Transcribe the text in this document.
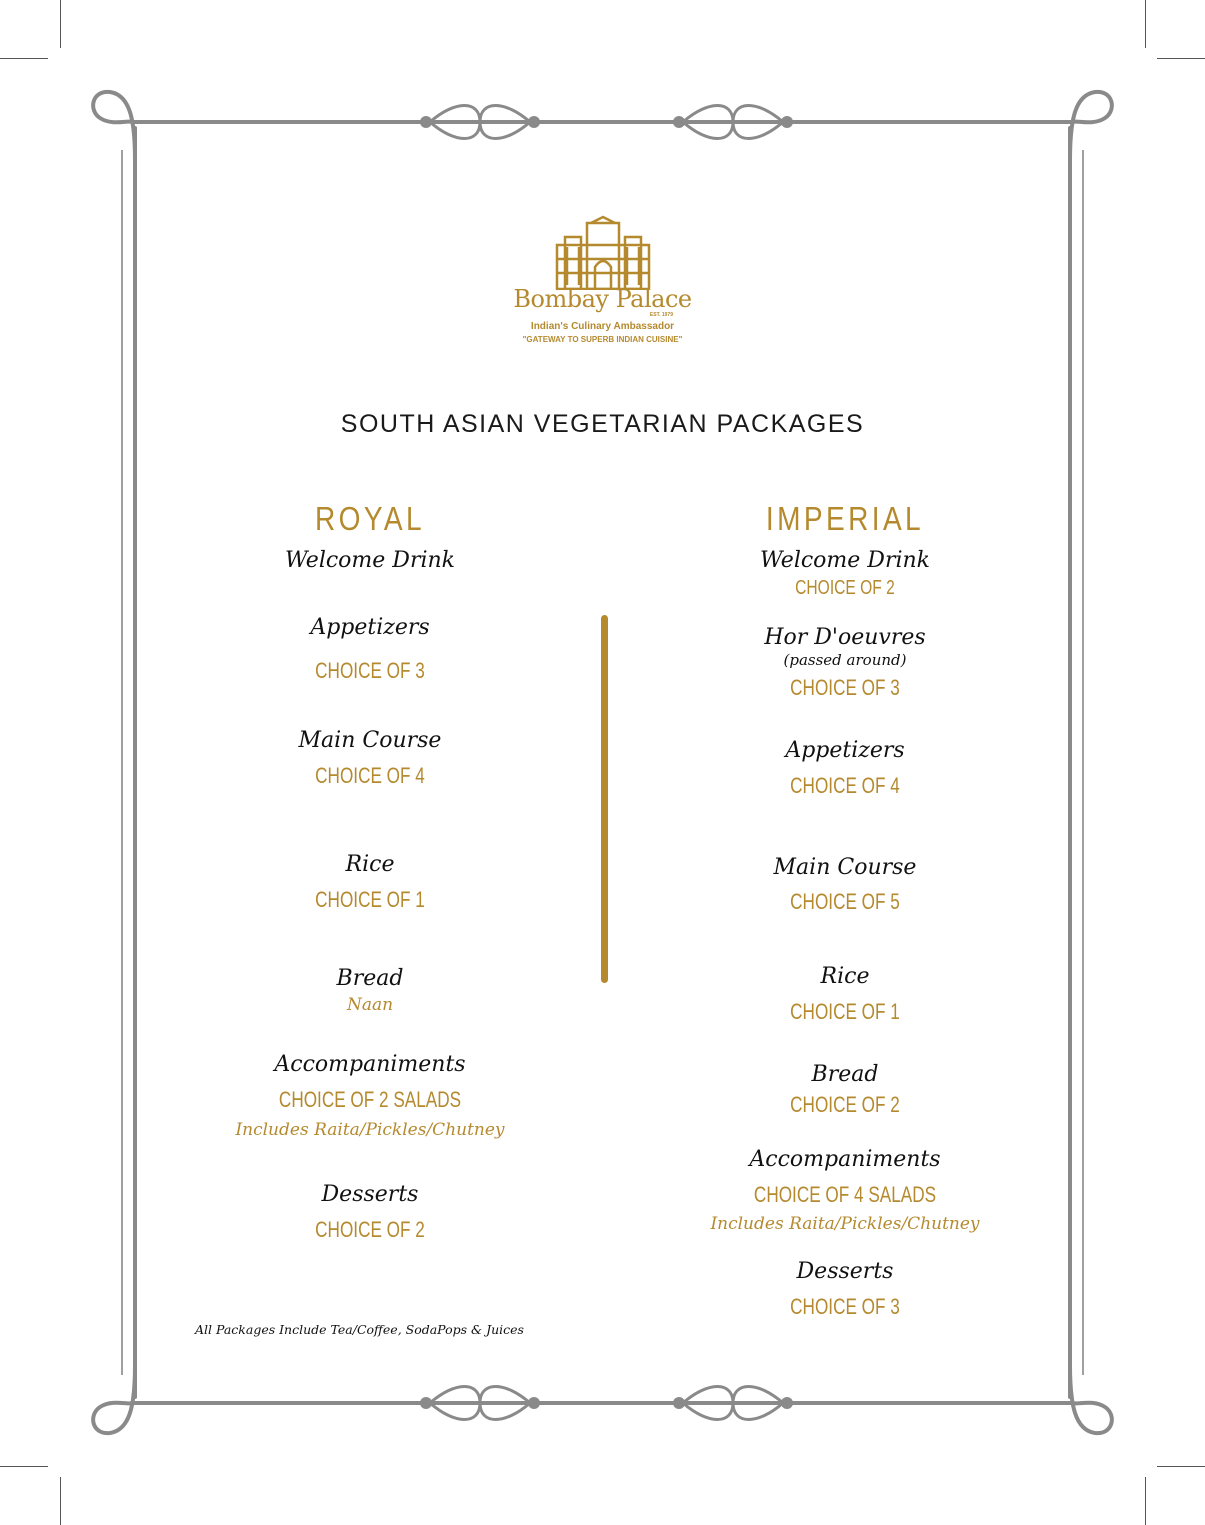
Bombay Palace
EST. 1979
Indian's Culinary Ambassador
"GATEWAY TO SUPERB INDIAN CUISINE"
SOUTH ASIAN VEGETARIAN PACKAGES
ROYAL
Welcome Drink
Appetizers
CHOICE OF 3
Main Course
CHOICE OF 4
Rice
CHOICE OF 1
Bread
Naan
Accompaniments
CHOICE OF 2 SALADS
Includes Raita/Pickles/Chutney
Desserts
CHOICE OF 2
IMPERIAL
Welcome Drink
CHOICE OF 2
Hor D'oeuvres
(passed around)
CHOICE OF 3
Appetizers
CHOICE OF 4
Main Course
CHOICE OF 5
Rice
CHOICE OF 1
Bread
CHOICE OF 2
Accompaniments
CHOICE OF 4 SALADS
Includes Raita/Pickles/Chutney
Desserts
CHOICE OF 3
All Packages Include Tea/Coffee, SodaPops & Juices
